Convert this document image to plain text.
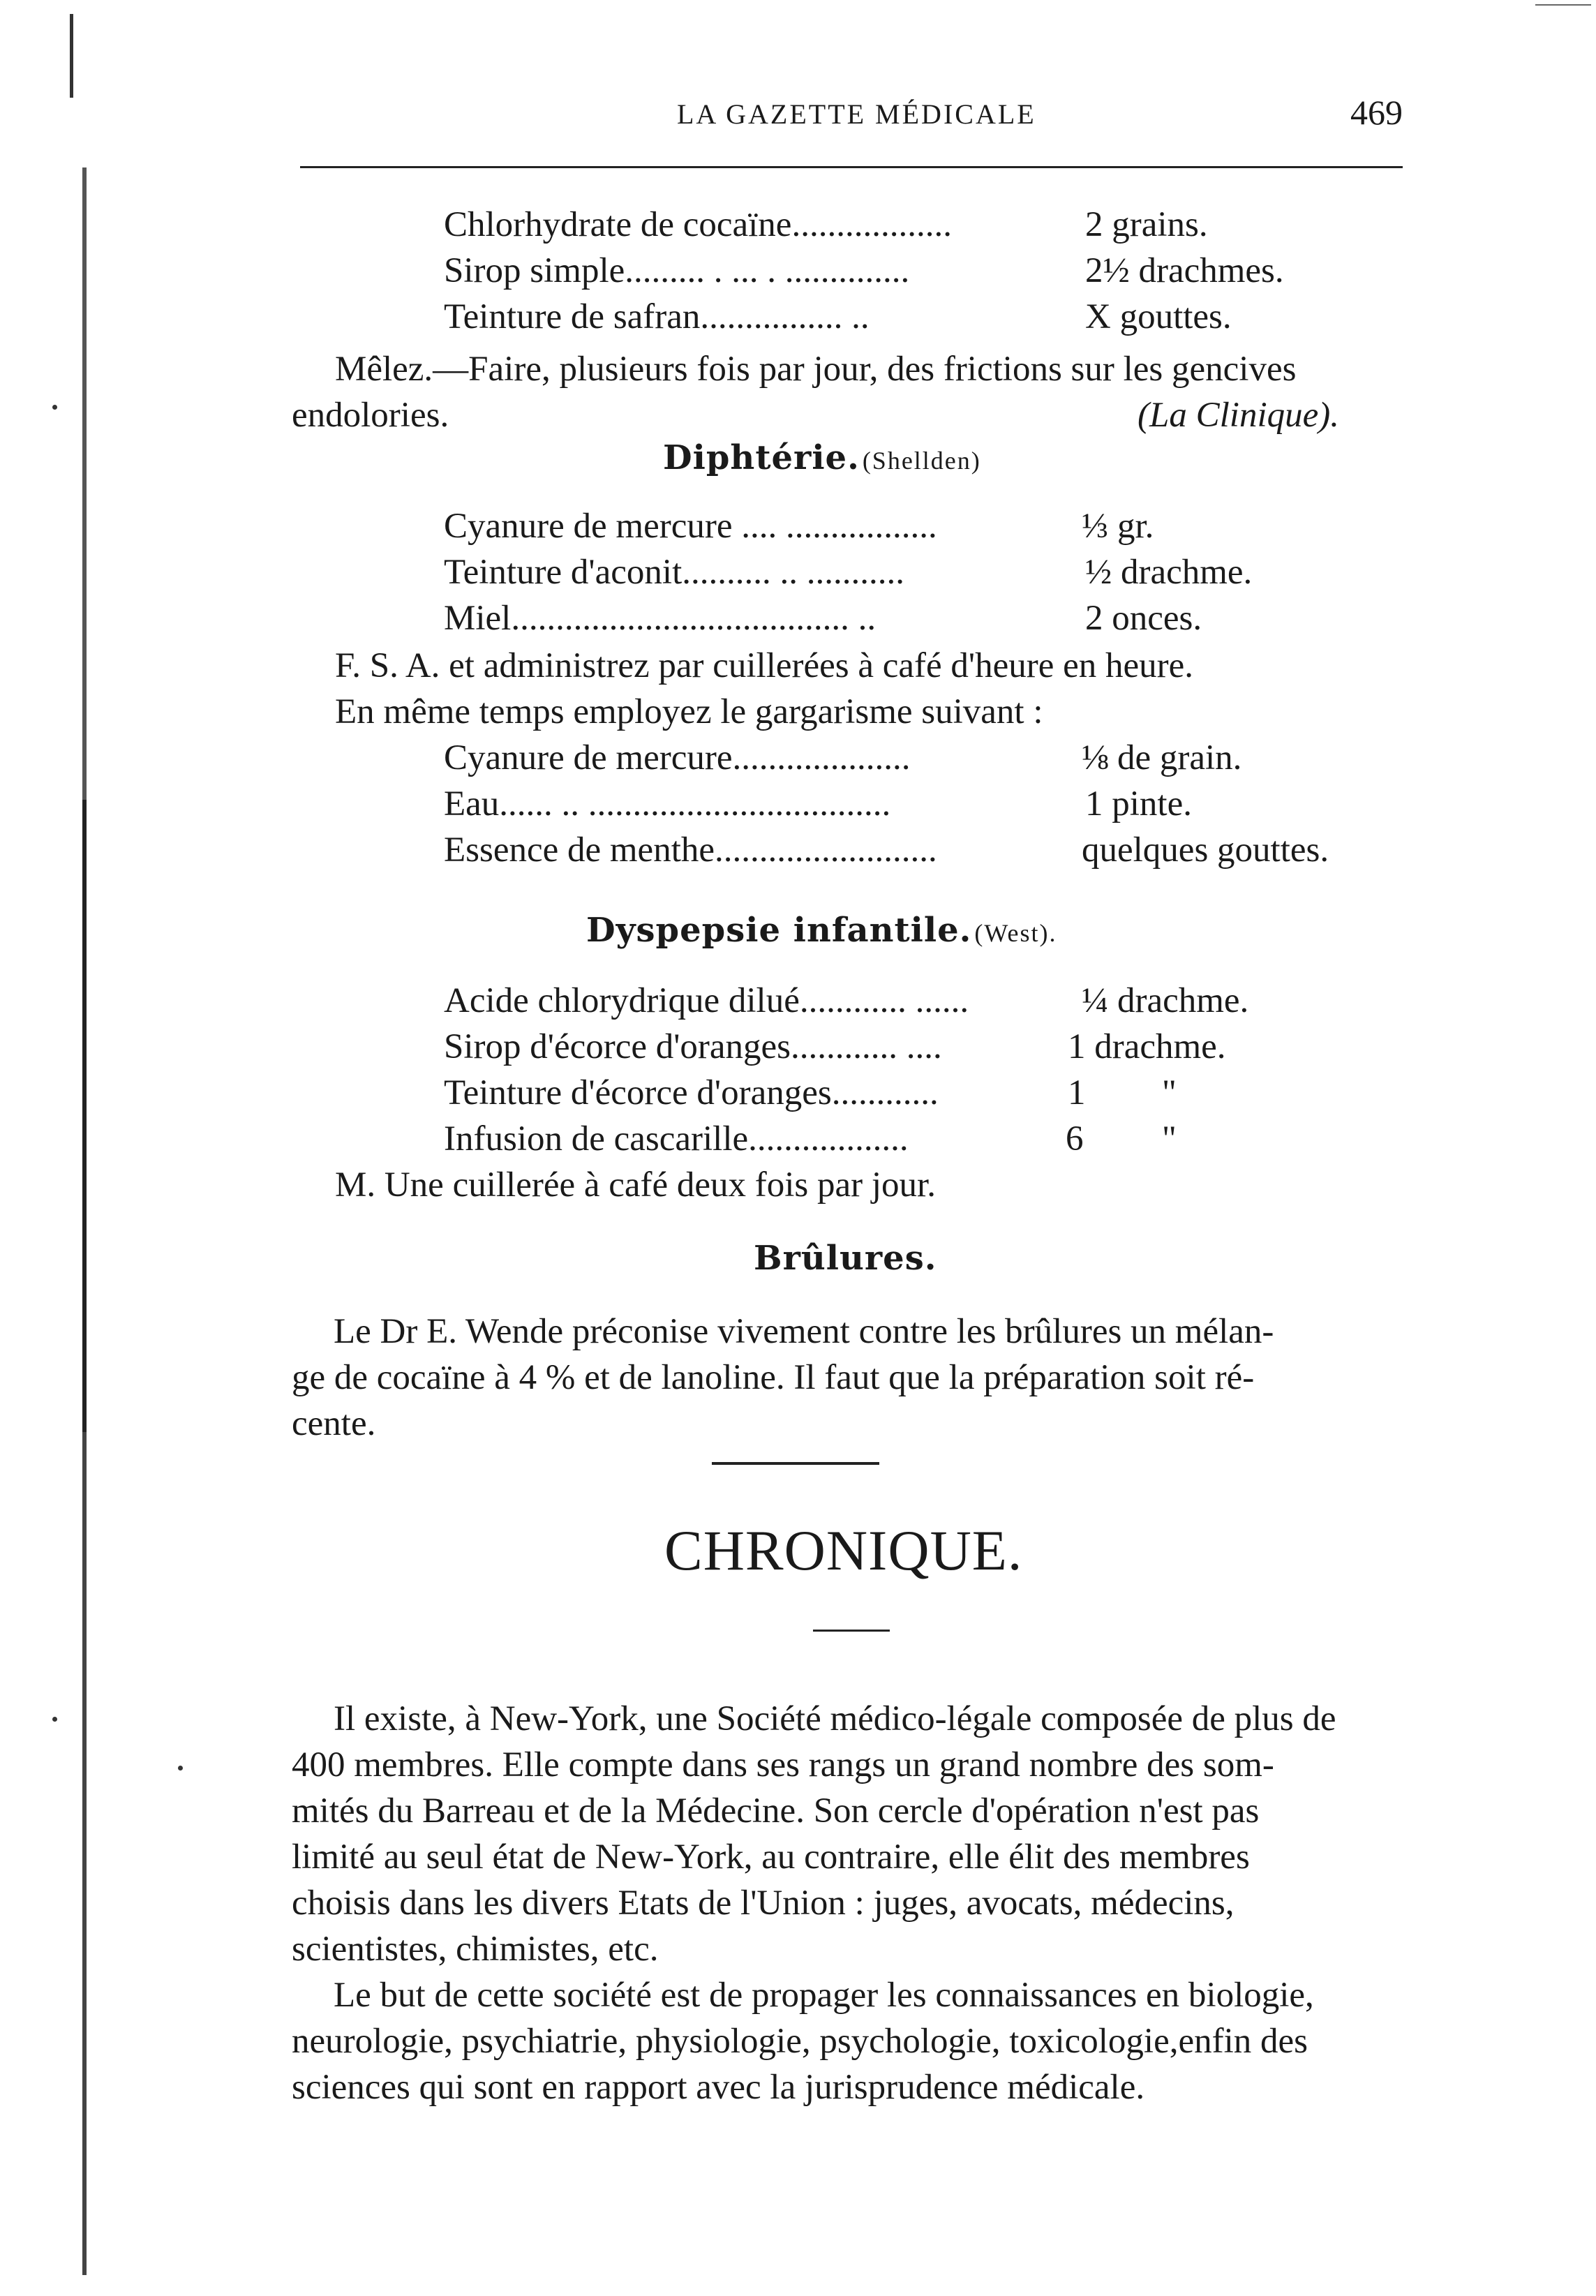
LA GAZETTE MÉDICALE	469
Chlorhydrate de cocaïne..................	2 grains.
Sirop simple......... . ... . ..............	2½ drachmes.
Teinture de safran................ ..	X gouttes.
Mêlez.—Faire, plusieurs fois par jour, des frictions sur les gencives
endolories.	(La Clinique).
Diphtérie. (Shellden)
Cyanure de mercure .... .................	⅓ gr.
Teinture d'aconit.......... .. ...........	½ drachme.
Miel...................................... ..	2 onces.
F. S. A. et administrez par cuillerées à café d'heure en heure.
En même temps employez le gargarisme suivant :
Cyanure de mercure....................	⅛ de grain.
Eau...... .. ..................................	1 pinte.
Essence de menthe.........................	quelques gouttes.
Dyspepsie infantile. (West).
Acide chlorydrique dilué............ ......	¼ drachme.
Sirop d'écorce d'oranges............ ....	1 drachme.
Teinture d'écorce d'oranges............	1 "
Infusion de cascarille..................	6 "
M. Une cuillerée à café deux fois par jour.
Brûlures.

Le Dr E. Wende préconise vivement contre les brûlures un mélan-

ge de cocaïne à 4 % et de lanoline. Il faut que la préparation soit ré-

cente.

CHRONIQUE.

Il existe, à New-York, une Société médico-légale composée de plus de

400 membres. Elle compte dans ses rangs un grand nombre des som-

mités du Barreau et de la Médecine. Son cercle d'opération n'est pas

limité au seul état de New-York, au contraire, elle élit des membres

choisis dans les divers Etats de l'Union : juges, avocats, médecins,

scientistes, chimistes, etc.

Le but de cette société est de propager les connaissances en biologie,

neurologie, psychiatrie, physiologie, psychologie, toxicologie,enfin des

sciences qui sont en rapport avec la jurisprudence médicale.
